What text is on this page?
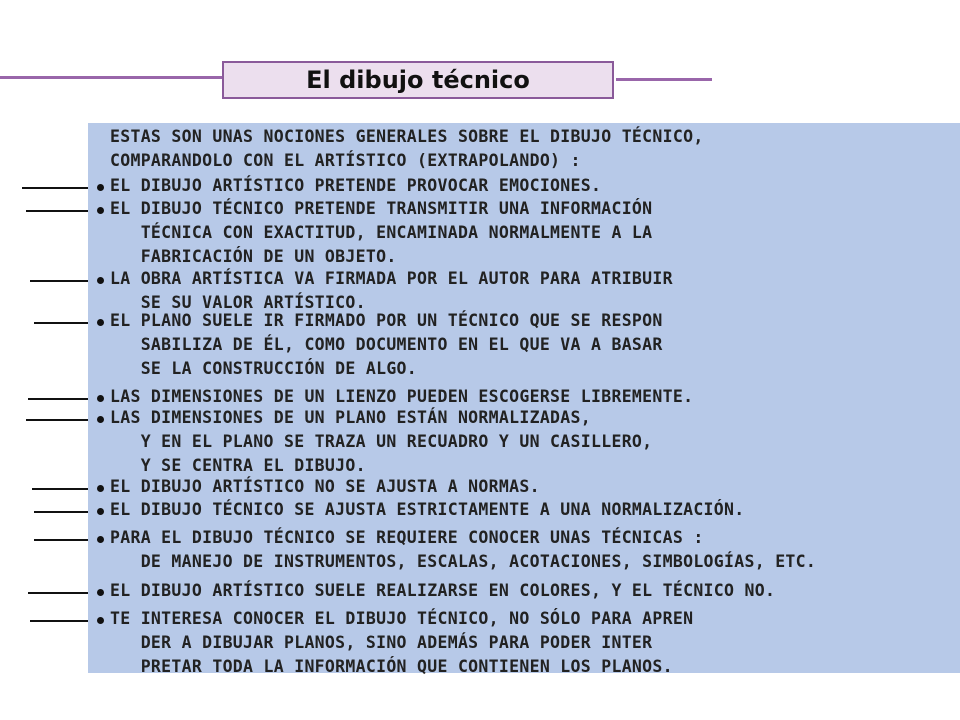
El dibujo técnico
ESTAS SON UNAS NOCIONES GENERALES SOBRE EL DIBUJO TÉCNICO,
COMPARANDOLO CON EL ARTÍSTICO (EXTRAPOLANDO) :
EL DIBUJO ARTÍSTICO PRETENDE PROVOCAR EMOCIONES.
EL DIBUJO TÉCNICO PRETENDE TRANSMITIR UNA INFORMACIÓN
TÉCNICA CON EXACTITUD, ENCAMINADA NORMALMENTE A LA
FABRICACIÓN DE UN OBJETO.
LA OBRA ARTÍSTICA VA FIRMADA POR EL AUTOR PARA ATRIBUIR
SE SU VALOR ARTÍSTICO.
EL PLANO SUELE IR FIRMADO POR UN TÉCNICO QUE SE RESPON
SABILIZA DE ÉL, COMO DOCUMENTO EN EL QUE VA A BASAR
SE LA CONSTRUCCIÓN DE ALGO.
LAS DIMENSIONES DE UN LIENZO PUEDEN ESCOGERSE LIBREMENTE.
LAS DIMENSIONES DE UN PLANO ESTÁN NORMALIZADAS,
Y EN EL PLANO SE TRAZA UN RECUADRO Y UN CASILLERO,
Y SE CENTRA EL DIBUJO.
EL DIBUJO ARTÍSTICO NO SE AJUSTA A NORMAS.
EL DIBUJO TÉCNICO SE AJUSTA ESTRICTAMENTE A UNA NORMALIZACIÓN.
PARA EL DIBUJO TÉCNICO SE REQUIERE CONOCER UNAS TÉCNICAS :
DE MANEJO DE INSTRUMENTOS, ESCALAS, ACOTACIONES, SIMBOLOGÍAS, ETC.
EL DIBUJO ARTÍSTICO SUELE REALIZARSE EN COLORES, Y EL TÉCNICO NO.
TE INTERESA CONOCER EL DIBUJO TÉCNICO, NO SÓLO PARA APREN
DER A DIBUJAR PLANOS, SINO ADEMÁS PARA PODER INTER
PRETAR TODA LA INFORMACIÓN QUE CONTIENEN LOS PLANOS.
